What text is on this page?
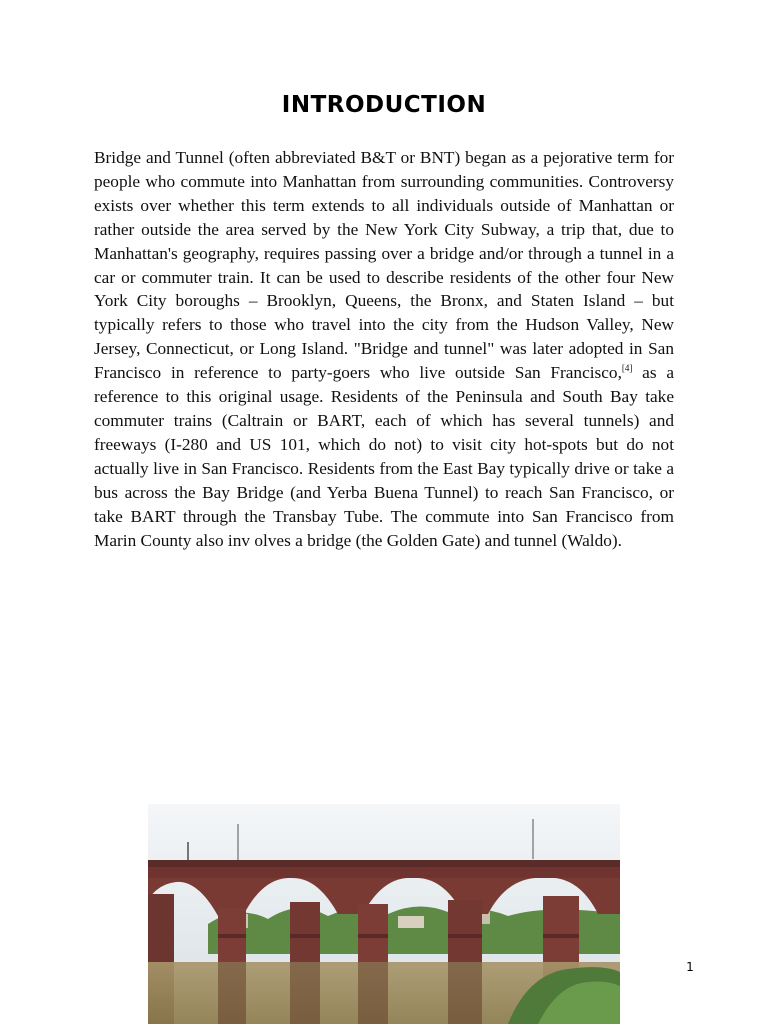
INTRODUCTION

Bridge and Tunnel (often abbreviated B&T or BNT) began as a pejorative term for people who commute into Manhattan from surrounding communities. Controversy exists over whether this term extends to all individuals outside of Manhattan or rather outside the area served by the New York City Subway, a trip that, due to Manhattan's geography, requires passing over a bridge and/or through a tunnel in a car or commuter train. It can be used to describe residents of the other four New York City boroughs – Brooklyn, Queens, the Bronx, and Staten Island – but typically refers to those who travel into the city from the Hudson Valley, New Jersey, Connecticut, or Long Island. "Bridge and tunnel" was later adopted in San Francisco in reference to party-goers who live outside San Francisco,[4] as a reference to this original usage. Residents of the Peninsula and South Bay take commuter trains (Caltrain or BART, each of which has several tunnels) and freeways (I-280 and US 101, which do not) to visit city hot-spots but do not actually live in San Francisco. Residents from the East Bay typically drive or take a bus across the Bay Bridge (and Yerba Buena Tunnel) to reach San Francisco, or take BART through the Transbay Tube. The commute into San Francisco from Marin County also inv olves a bridge (the Golden Gate) and tunnel (Waldo).

1
